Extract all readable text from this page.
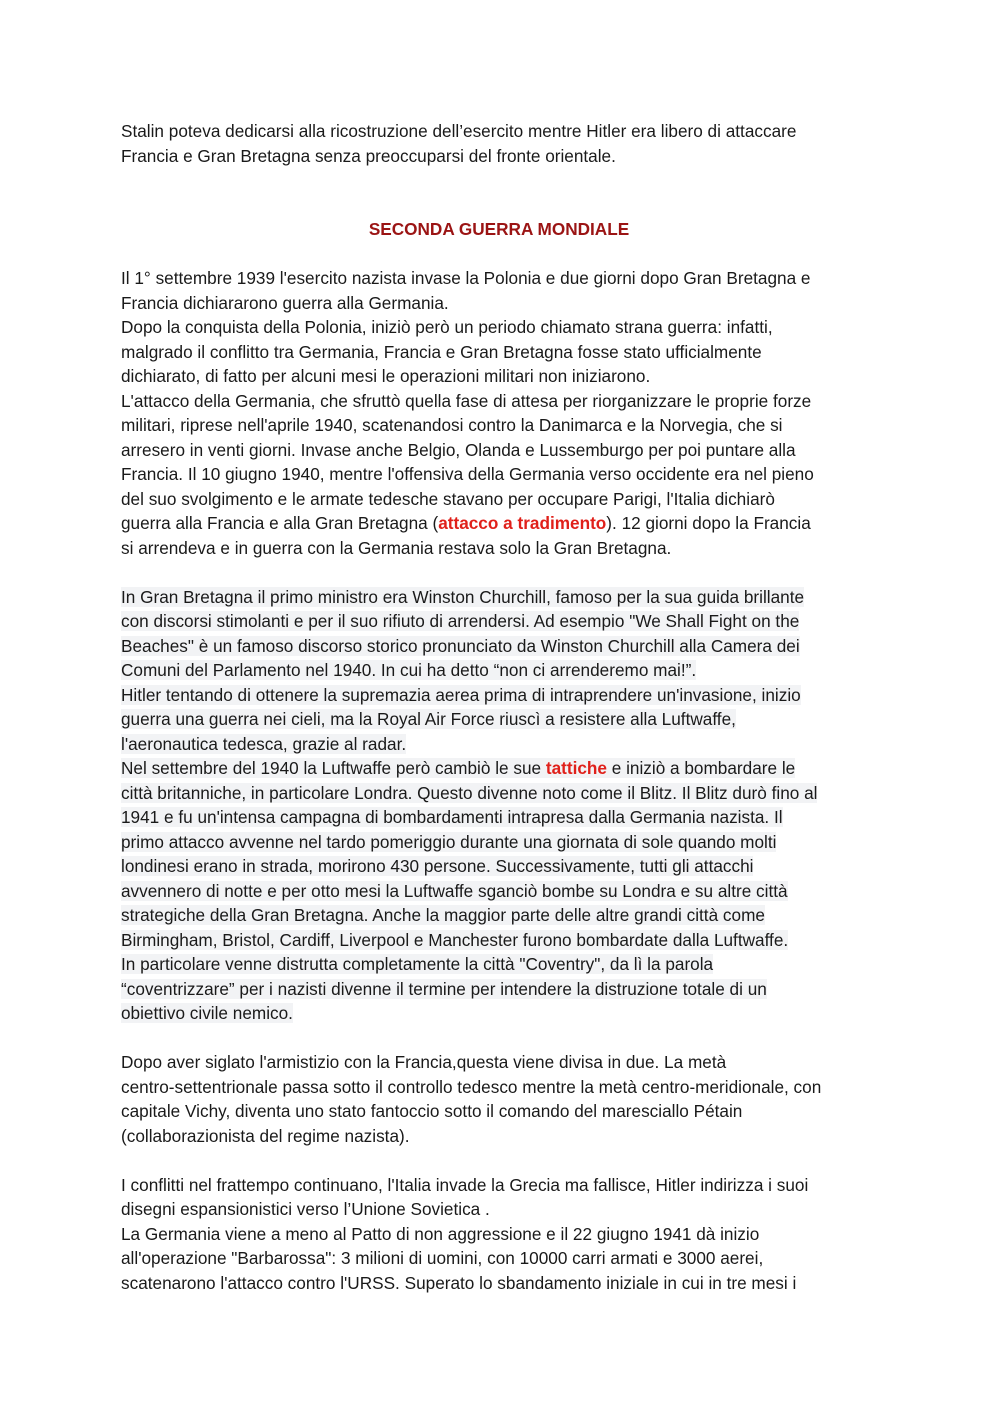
Stalin poteva dedicarsi alla ricostruzione dell’esercito mentre Hitler era libero di attaccare
Francia e Gran Bretagna senza preoccuparsi del fronte orientale.
SECONDA GUERRA MONDIALE
Il 1° settembre 1939 l'esercito nazista invase la Polonia e due giorni dopo Gran Bretagna e
Francia dichiararono guerra alla Germania.
Dopo la conquista della Polonia, iniziò però un periodo chiamato strana guerra: infatti,
malgrado il conflitto tra Germania, Francia e Gran Bretagna fosse stato ufficialmente
dichiarato, di fatto per alcuni mesi le operazioni militari non iniziarono.
L'attacco della Germania, che sfruttò quella fase di attesa per riorganizzare le proprie forze
militari, riprese nell'aprile 1940, scatenandosi contro la Danimarca e la Norvegia, che si
arresero in venti giorni. Invase anche Belgio, Olanda e Lussemburgo per poi puntare alla
Francia. Il 10 giugno 1940, mentre l'offensiva della Germania verso occidente era nel pieno
del suo svolgimento e le armate tedesche stavano per occupare Parigi, l'Italia dichiarò
guerra alla Francia e alla Gran Bretagna (attacco a tradimento). 12 giorni dopo la Francia
si arrendeva e in guerra con la Germania restava solo la Gran Bretagna.
In Gran Bretagna il primo ministro era Winston Churchill, famoso per la sua guida brillante
con discorsi stimolanti e per il suo rifiuto di arrendersi. Ad esempio "We Shall Fight on the
Beaches" è un famoso discorso storico pronunciato da Winston Churchill alla Camera dei
Comuni del Parlamento nel 1940. In cui ha detto “non ci arrenderemo mai!”.
Hitler tentando di ottenere la supremazia aerea prima di intraprendere un'invasione, inizio
guerra una guerra nei cieli, ma la Royal Air Force riuscì a resistere alla Luftwaffe,
l'aeronautica tedesca, grazie al radar.
Nel settembre del 1940 la Luftwaffe però cambiò le sue tattiche e iniziò a bombardare le
città britanniche, in particolare Londra. Questo divenne noto come il Blitz. Il Blitz durò fino al
1941 e fu un'intensa campagna di bombardamenti intrapresa dalla Germania nazista. Il
primo attacco avvenne nel tardo pomeriggio durante una giornata di sole quando molti
londinesi erano in strada, morirono 430 persone. Successivamente, tutti gli attacchi
avvennero di notte e per otto mesi la Luftwaffe sganciò bombe su Londra e su altre città
strategiche della Gran Bretagna. Anche la maggior parte delle altre grandi città come
Birmingham, Bristol, Cardiff, Liverpool e Manchester furono bombardate dalla Luftwaffe.
In particolare venne distrutta completamente la città "Coventry", da lì la parola
“coventrizzare” per i nazisti divenne il termine per intendere la distruzione totale di un
obiettivo civile nemico.
Dopo aver siglato l'armistizio con la Francia,questa viene divisa in due. La metà
centro-settentrionale passa sotto il controllo tedesco mentre la metà centro-meridionale, con
capitale Vichy, diventa uno stato fantoccio sotto il comando del maresciallo Pétain
(collaborazionista del regime nazista).
I conflitti nel frattempo continuano, l'Italia invade la Grecia ma fallisce, Hitler indirizza i suoi
disegni espansionistici verso l’Unione Sovietica .
La Germania viene a meno al Patto di non aggressione e il 22 giugno 1941 dà inizio
all'operazione "Barbarossa": 3 milioni di uomini, con 10000 carri armati e 3000 aerei,
scatenarono l'attacco contro l'URSS. Superato lo sbandamento iniziale in cui in tre mesi i
